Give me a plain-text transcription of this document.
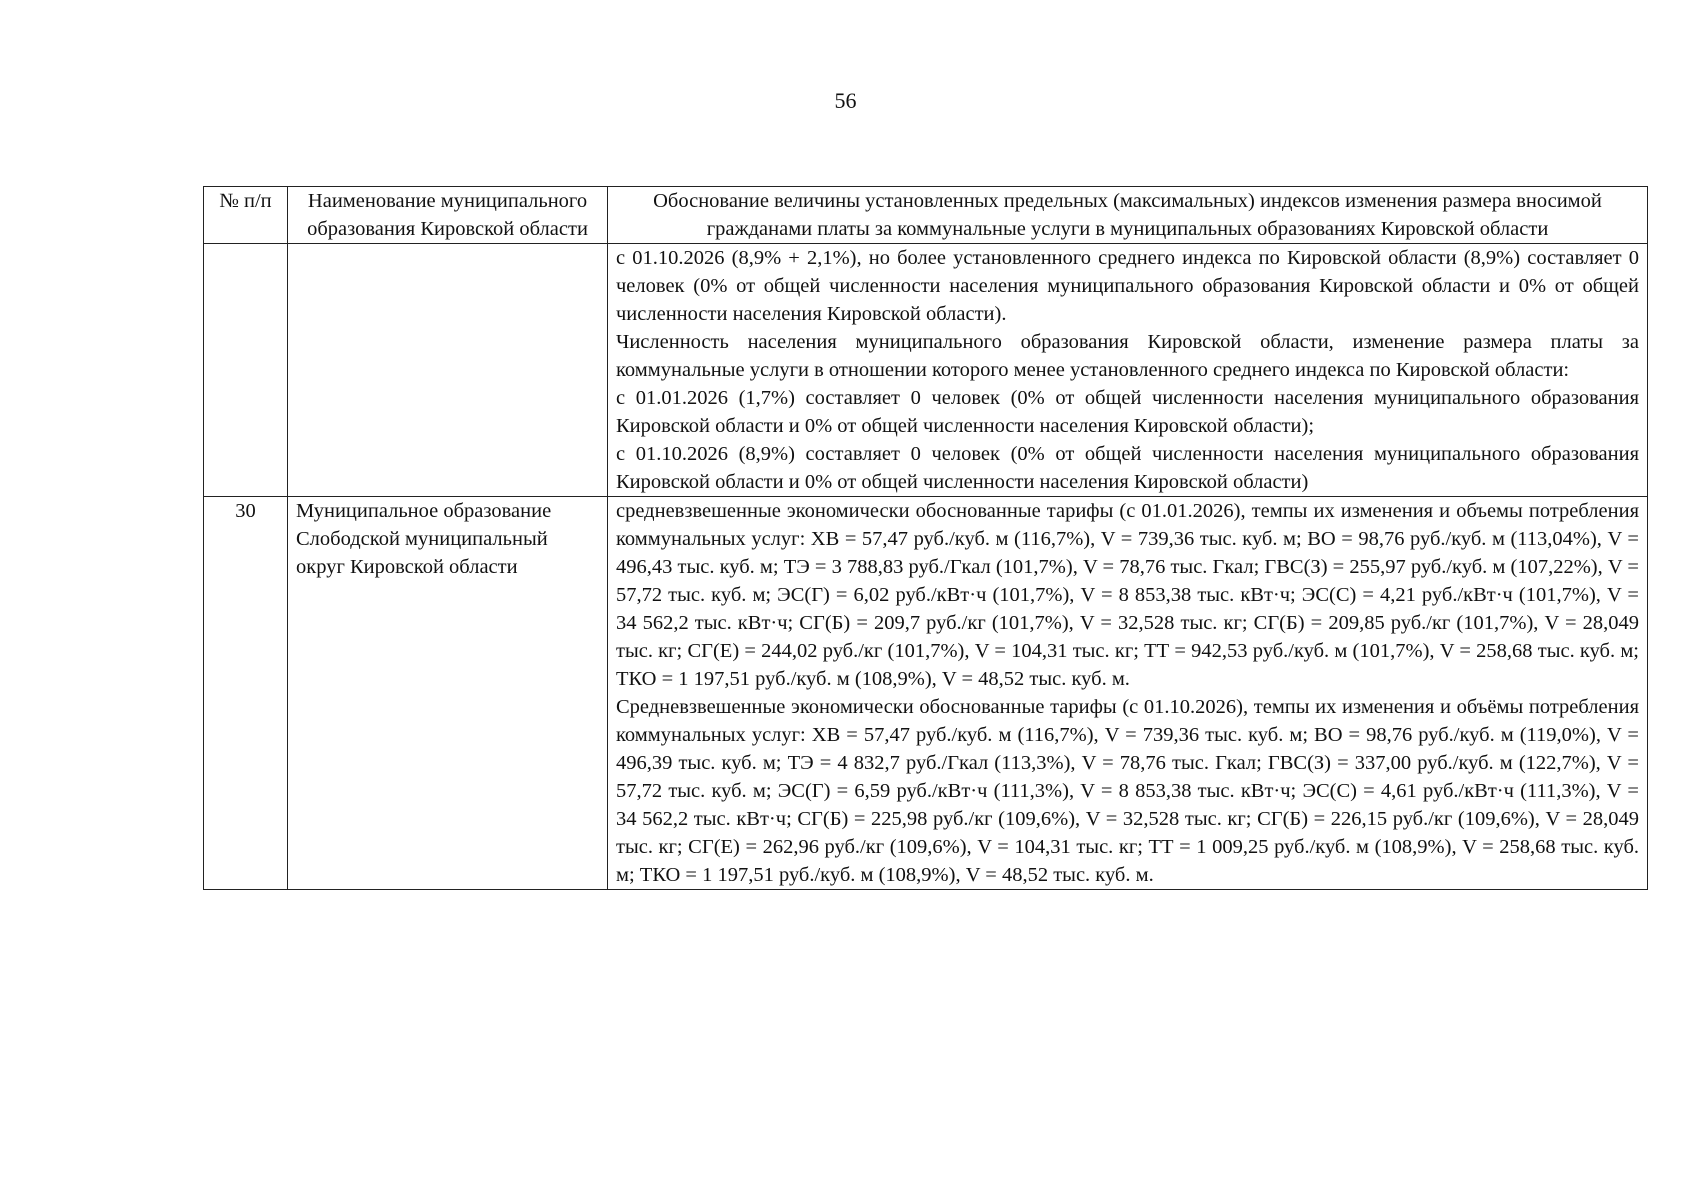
56
№ п/п	Наименование муниципального образования Кировской области	Обоснование величины установленных предельных (максимальных) индексов изменения размера вносимой гражданами платы за коммунальные услуги в муниципальных образованиях Кировской области

		с 01.10.2026 (8,9% + 2,1%), но более установленного среднего индекса по Кировской области (8,9%) составляет 0 человек (0% от общей численности населения муниципального образования Кировской области и 0% от общей численности населения Кировской области).

Численность населения муниципального образования Кировской области, изменение размера платы за коммунальные услуги в отношении которого менее установленного среднего индекса по Кировской области:

с 01.01.2026 (1,7%) составляет 0 человек (0% от общей численности населения муниципального образования Кировской области и 0% от общей численности населения Кировской области);

с 01.10.2026 (8,9%) составляет 0 человек (0% от общей численности населения муниципального образования Кировской области и 0% от общей численности населения Кировской области)

30	Муниципальное образование Слободской муниципальный округ Кировской области	средневзвешенные экономически обоснованные тарифы (с 01.01.2026), темпы их изменения и объемы потребления коммунальных услуг: ХВ = 57,47 руб./куб. м (116,7%), V = 739,36 тыс. куб. м; ВО = 98,76 руб./куб. м (113,04%), V = 496,43 тыс. куб. м; ТЭ = 3 788,83 руб./Гкал (101,7%), V = 78,76 тыс. Гкал; ГВС(З) = 255,97 руб./куб. м (107,22%), V = 57,72 тыс. куб. м; ЭС(Г) = 6,02 руб./кВт·ч (101,7%), V = 8 853,38 тыс. кВт·ч; ЭС(С) = 4,21 руб./кВт·ч (101,7%), V = 34 562,2 тыс. кВт·ч; СГ(Б) = 209,7 руб./кг (101,7%), V = 32,528 тыс. кг; СГ(Б) = 209,85 руб./кг (101,7%), V = 28,049 тыс. кг; СГ(Е) = 244,02 руб./кг (101,7%), V = 104,31 тыс. кг; ТТ = 942,53 руб./куб. м (101,7%), V = 258,68 тыс. куб. м; ТКО = 1 197,51 руб./куб. м (108,9%), V = 48,52 тыс. куб. м.

Средневзвешенные экономически обоснованные тарифы (с 01.10.2026), темпы их изменения и объёмы потребления коммунальных услуг: ХВ = 57,47 руб./куб. м (116,7%), V = 739,36 тыс. куб. м; ВО = 98,76 руб./куб. м (119,0%), V = 496,39 тыс. куб. м; ТЭ = 4 832,7 руб./Гкал (113,3%), V = 78,76 тыс. Гкал; ГВС(З) = 337,00 руб./куб. м (122,7%), V = 57,72 тыс. куб. м; ЭС(Г) = 6,59 руб./кВт·ч (111,3%), V = 8 853,38 тыс. кВт·ч; ЭС(С) = 4,61 руб./кВт·ч (111,3%), V = 34 562,2 тыс. кВт·ч; СГ(Б) = 225,98 руб./кг (109,6%), V = 32,528 тыс. кг; СГ(Б) = 226,15 руб./кг (109,6%), V = 28,049 тыс. кг; СГ(Е) = 262,96 руб./кг (109,6%), V = 104,31 тыс. кг; ТТ = 1 009,25 руб./куб. м (108,9%), V = 258,68 тыс. куб. м; ТКО = 1 197,51 руб./куб. м (108,9%), V = 48,52 тыс. куб. м.
